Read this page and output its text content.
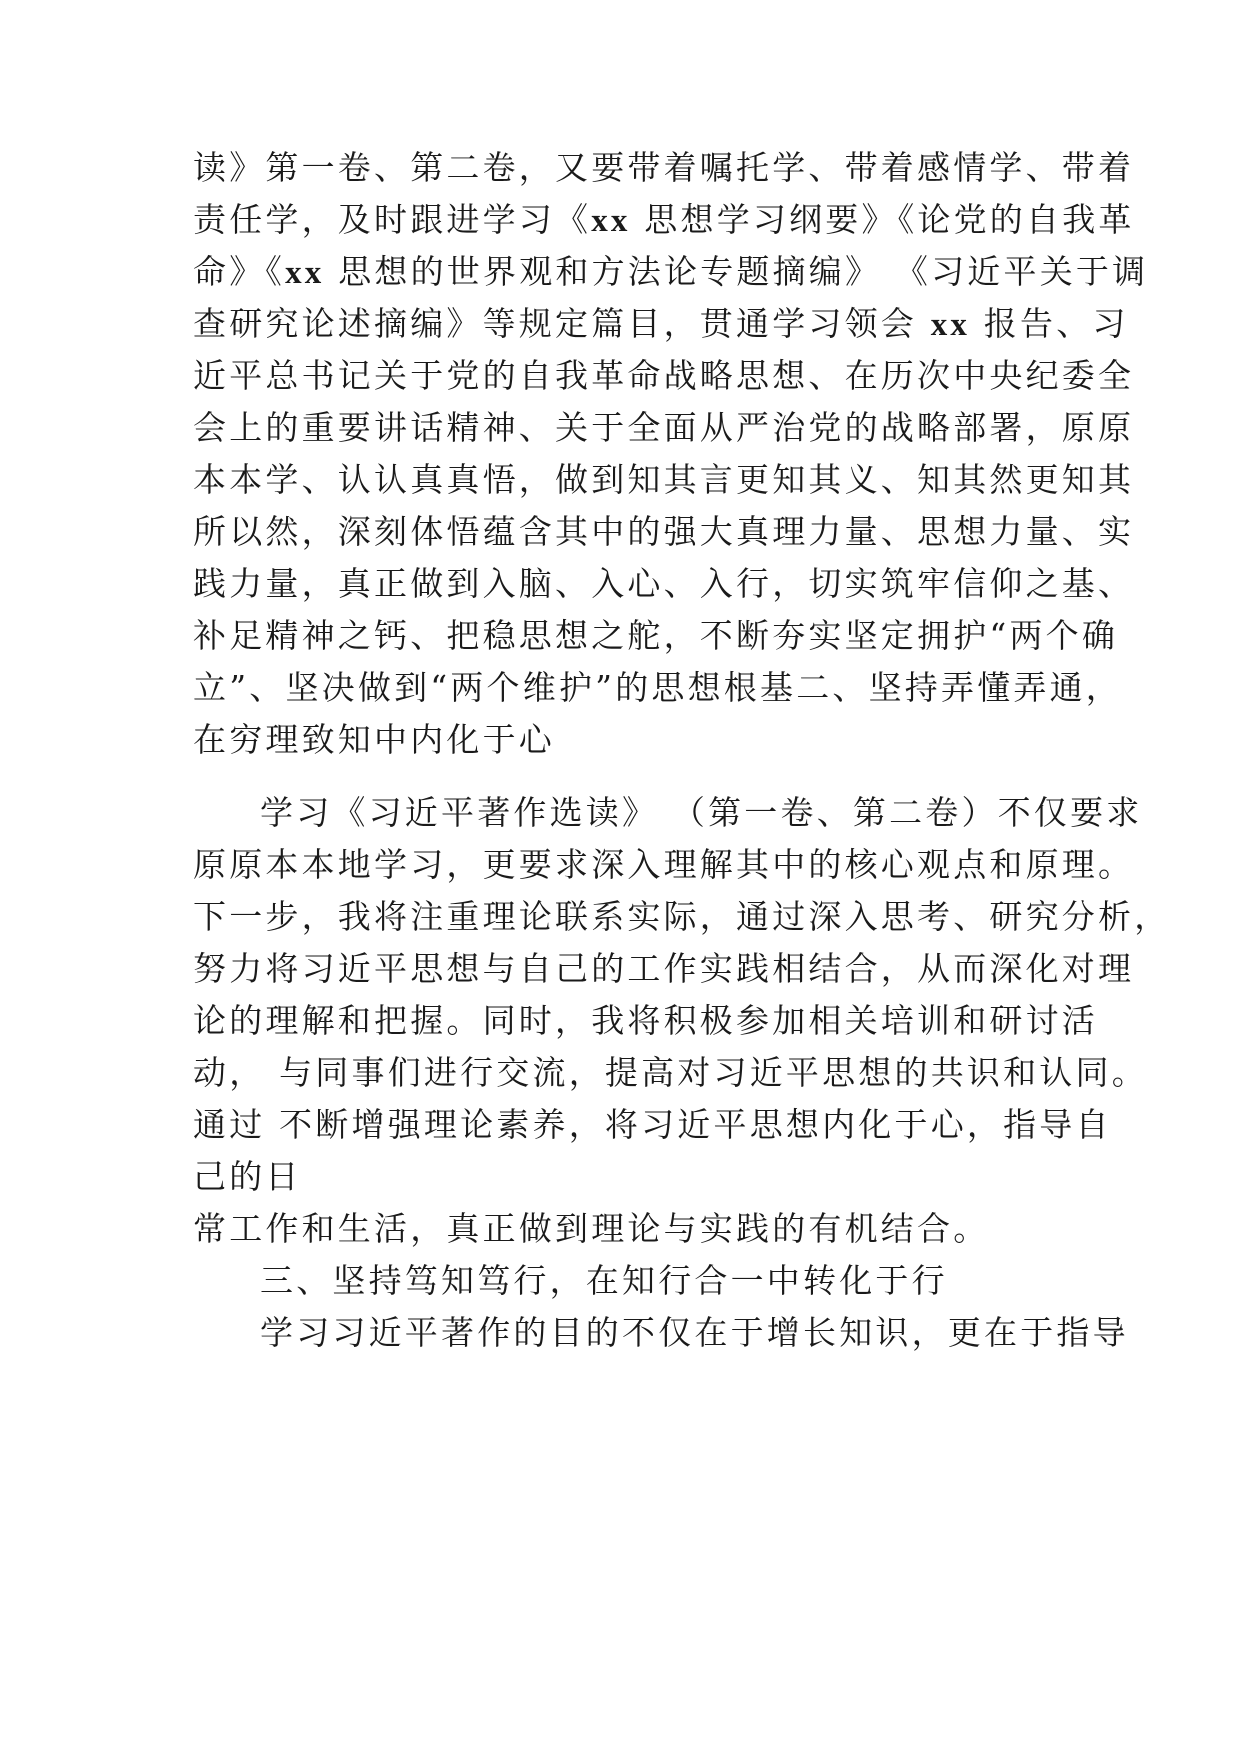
读》第一卷、第二卷，又要带着嘱托学、带着感情学、带着
责任学，及时跟进学习《xx 思想学习纲要》《论党的自我革
命》《xx 思想的世界观和方法论专题摘编》 《习近平关于调
查研究论述摘编》等规定篇目，贯通学习领会 xx 报告、习
近平总书记关于党的自我革命战略思想、在历次中央纪委全
会上的重要讲话精神、关于全面从严治党的战略部署，原原
本本学、认认真真悟，做到知其言更知其义、知其然更知其
所以然，深刻体悟蕴含其中的强大真理力量、思想力量、实
践力量，真正做到入脑、入心、入行，切实筑牢信仰之基、
补足精神之钙、把稳思想之舵，不断夯实坚定拥护“两个确
立”、坚决做到“两个维护”的思想根基二、坚持弄懂弄通，
在穷理致知中内化于心
学习《习近平著作选读》 （第一卷、第二卷）不仅要求
原原本本地学习，更要求深入理解其中的核心观点和原理。
下一步，我将注重理论联系实际，通过深入思考、研究分析，
努力将习近平思想与自己的工作实践相结合，从而深化对理
论的理解和把握。同时，我将积极参加相关培训和研讨活
动， 与同事们进行交流，提高对习近平思想的共识和认同。
通过 不断增强理论素养，将习近平思想内化于心，指导自
己的日
常工作和生活，真正做到理论与实践的有机结合。
三、坚持笃知笃行，在知行合一中转化于行
学习习近平著作的目的不仅在于增长知识，更在于指导
